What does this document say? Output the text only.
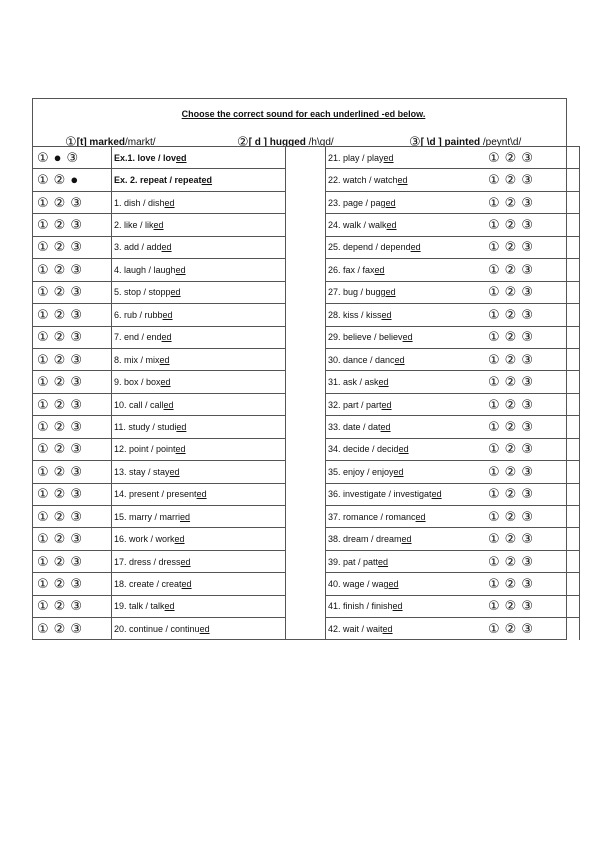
Choose the correct sound for each underlined -ed below.
①[t] marked/markt/	②[ d ] hugged /h\gd/	③[ \d ] painted /peynt\d/
① ● ③	Ex.1. love / loved		21. play / played	① ② ③
① ② ●	Ex. 2. repeat / repeated		22. watch / watched	① ② ③
① ② ③	1. dish / dished		23. page / paged	① ② ③
① ② ③	2. like / liked		24. walk / walked	① ② ③
① ② ③	3. add / added		25. depend / depended	① ② ③
① ② ③	4. laugh / laughed		26. fax / faxed	① ② ③
① ② ③	5. stop / stopped		27. bug / bugged	① ② ③
① ② ③	6. rub / rubbed		28. kiss / kissed	① ② ③
① ② ③	7. end / ended		29. believe / believed	① ② ③
① ② ③	8. mix / mixed		30. dance / danced	① ② ③
① ② ③	9. box / boxed		31. ask / asked	① ② ③
① ② ③	10. call / called		32. part / parted	① ② ③
① ② ③	11. study / studied		33. date / dated	① ② ③
① ② ③	12. point / pointed		34. decide / decided	① ② ③
① ② ③	13. stay / stayed		35. enjoy / enjoyed	① ② ③
① ② ③	14. present / presented		36. investigate / investigated	① ② ③
① ② ③	15. marry / married		37. romance / romanced	① ② ③
① ② ③	16. work / worked		38. dream / dreamed	① ② ③
① ② ③	17. dress / dressed		39. pat / patted	① ② ③
① ② ③	18. create / created		40. wage / waged	① ② ③
① ② ③	19. talk / talked		41. finish / finished	① ② ③
① ② ③	20. continue / continued		42. wait / waited	① ② ③
